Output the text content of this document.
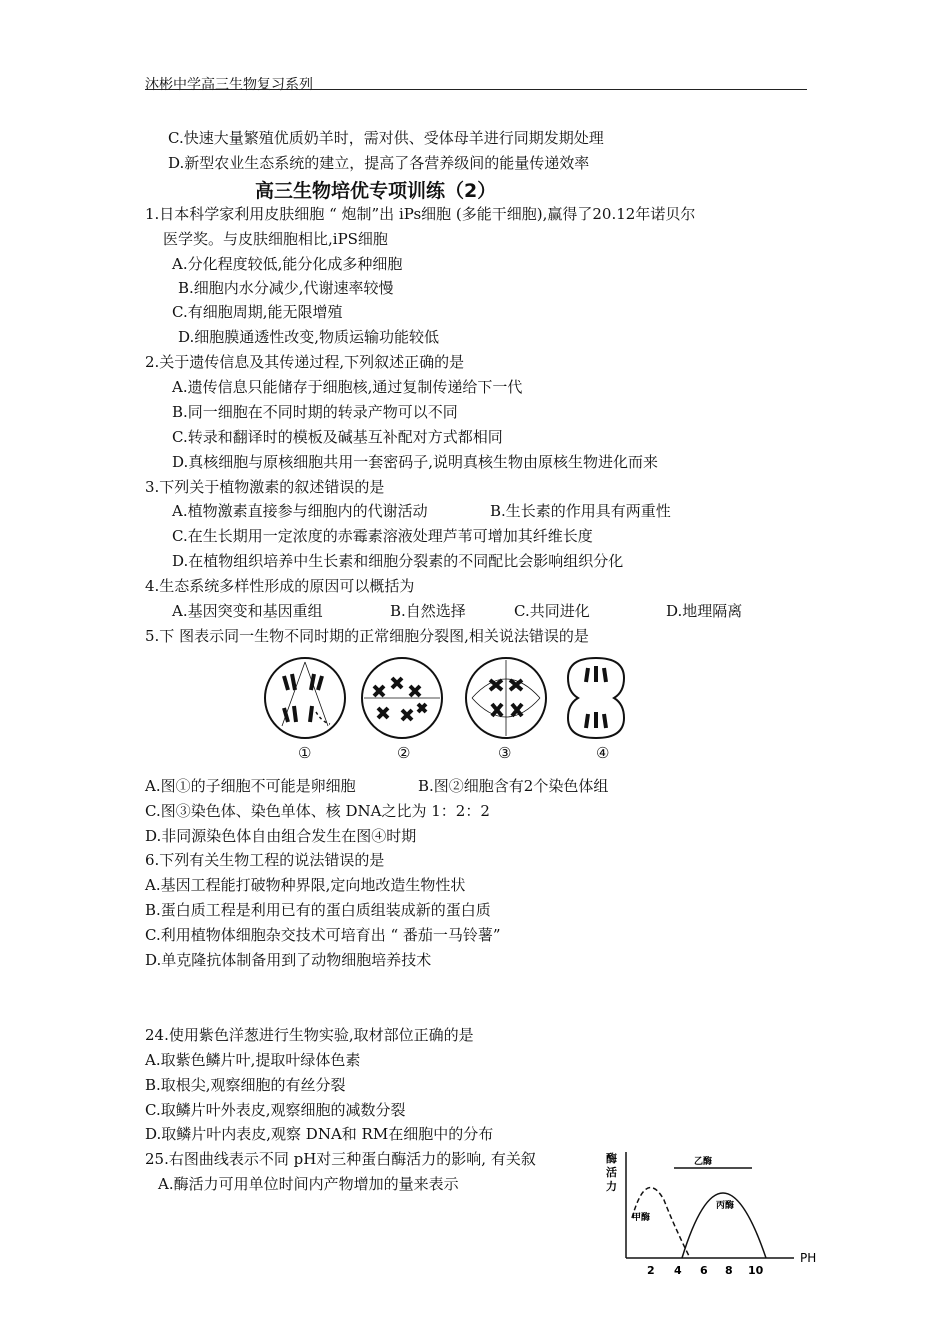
沐彬中学高三生物复习系列
C.快速大量繁殖优质奶羊时，需对供、受体母羊进行同期发期处理
D.新型农业生态系统的建立，提高了各营养级间的能量传递效率
高三生物培优专项训练（2）
1.日本科学家利用皮肤细胞 “ 炮制”出 iPs细胞 (多能干细胞),赢得了20.12年诺贝尔
医学奖。与皮肤细胞相比,iPS细胞
A.分化程度较低,能分化成多种细胞
B.细胞内水分减少,代谢速率较慢
C.有细胞周期,能无限增殖
D.细胞膜通透性改变,物质运输功能较低
2.关于遗传信息及其传递过程,下列叙述正确的是
A.遗传信息只能储存于细胞核,通过复制传递给下一代
B.同一细胞在不同时期的转录产物可以不同
C.转录和翻译时的模板及碱基互补配对方式都相同
D.真核细胞与原核细胞共用一套密码子,说明真核生物由原核生物进化而来
3.下列关于植物激素的叙述错误的是
A.植物激素直接参与细胞内的代谢活动	B.生长素的作用具有两重性
C.在生长期用一定浓度的赤霉素溶液处理芦苇可增加其纤维长度
D.在植物组织培养中生长素和细胞分裂素的不同配比会影响组织分化
4.生态系统多样性形成的原因可以概括为
A.基因突变和基因重组	B.自然选择	C.共同进化	D.地理隔离
5.下 图表示同一生物不同时期的正常细胞分裂图,相关说法错误的是
①	②	③	④
A.图①的子细胞不可能是卵细胞	B.图②细胞含有2个染色体组
C.图③染色体、染色单体、核 DNA之比为 1：2：2
D.非同源染色体自由组合发生在图④时期
6.下列有关生物工程的说法错误的是
A.基因工程能打破物种界限,定向地改造生物性状
B.蛋白质工程是利用已有的蛋白质组装成新的蛋白质
C.利用植物体细胞杂交技术可培育出 “ 番茄一马铃薯”
D.单克隆抗体制备用到了动物细胞培养技术
24.使用紫色洋葱进行生物实验,取材部位正确的是
A.取紫色鳞片叶,提取叶绿体色素
B.取根尖,观察细胞的有丝分裂
C.取鳞片叶外表皮,观察细胞的减数分裂
D.取鳞片叶内表皮,观察 DNA和 RM在细胞中的分布
25.右图曲线表示不同 pH对三种蛋白酶活力的影响, 有关叙
A.酶活力可用单位时间内产物增加的量来表示
酶
活
力
甲酶
乙酶
丙酶
PH
2 4 6 8 10
